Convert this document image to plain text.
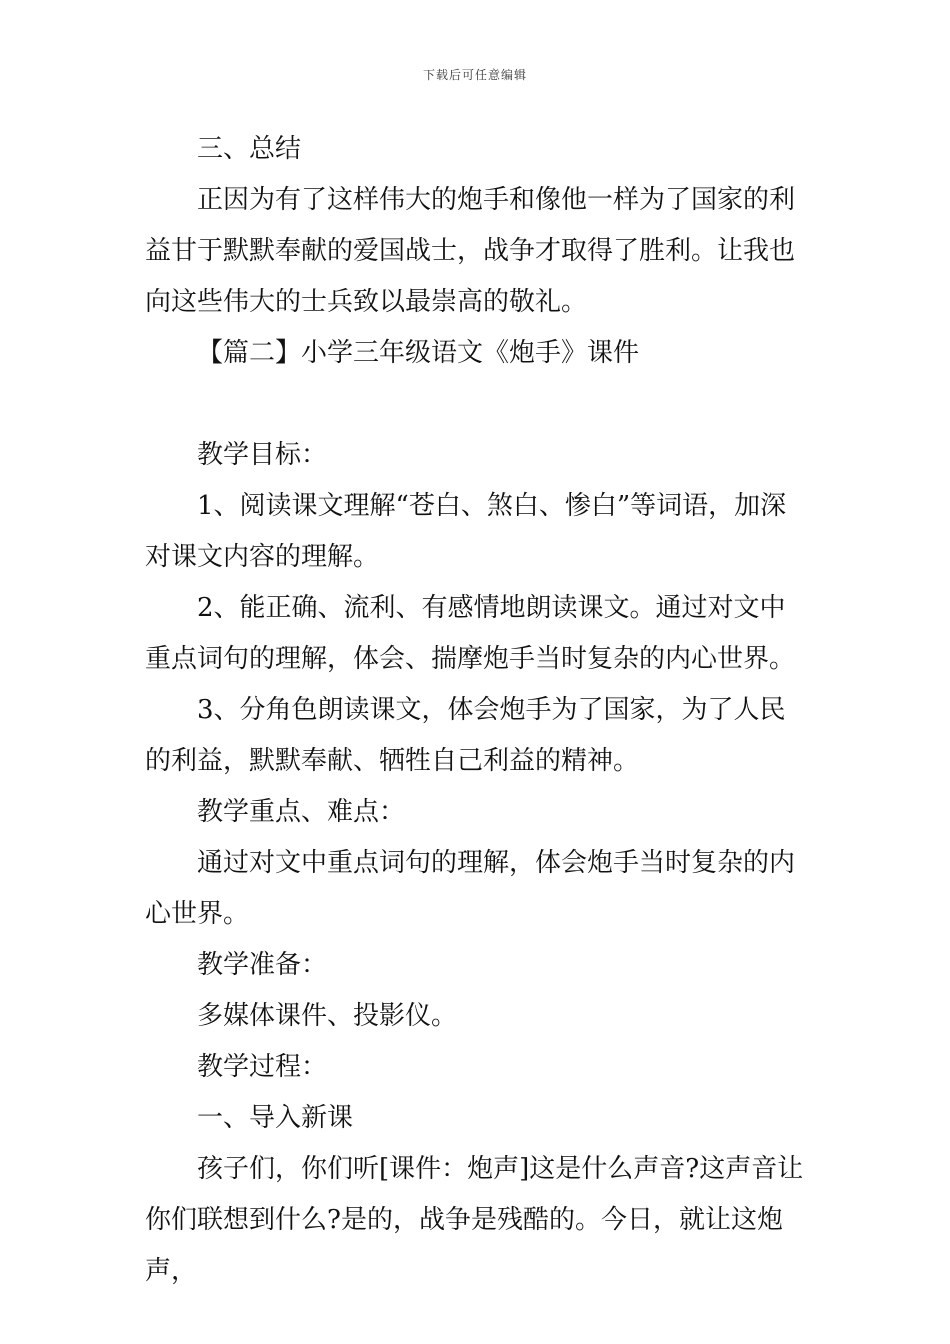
下载后可任意编辑

三、总结

正因为有了这样伟大的炮手和像他一样为了国家的利益甘于默默奉献的爱国战士，战争才取得了胜利。让我也向这些伟大的士兵致以最崇高的敬礼。

【篇二】小学三年级语文《炮手》课件

教学目标：

1、阅读课文理解“苍白、煞白、惨白”等词语，加深对课文内容的理解。

2、能正确、流利、有感情地朗读课文。通过对文中重点词句的理解，体会、揣摩炮手当时复杂的内心世界。

3、分角色朗读课文，体会炮手为了国家，为了人民的利益，默默奉献、牺牲自己利益的精神。

教学重点、难点：

通过对文中重点词句的理解，体会炮手当时复杂的内心世界。

教学准备：

多媒体课件、投影仪。

教学过程：

一、导入新课

孩子们，你们听[课件：炮声]这是什么声音?这声音让你们联想到什么?是的，战争是残酷的。今日，就让这炮声，
